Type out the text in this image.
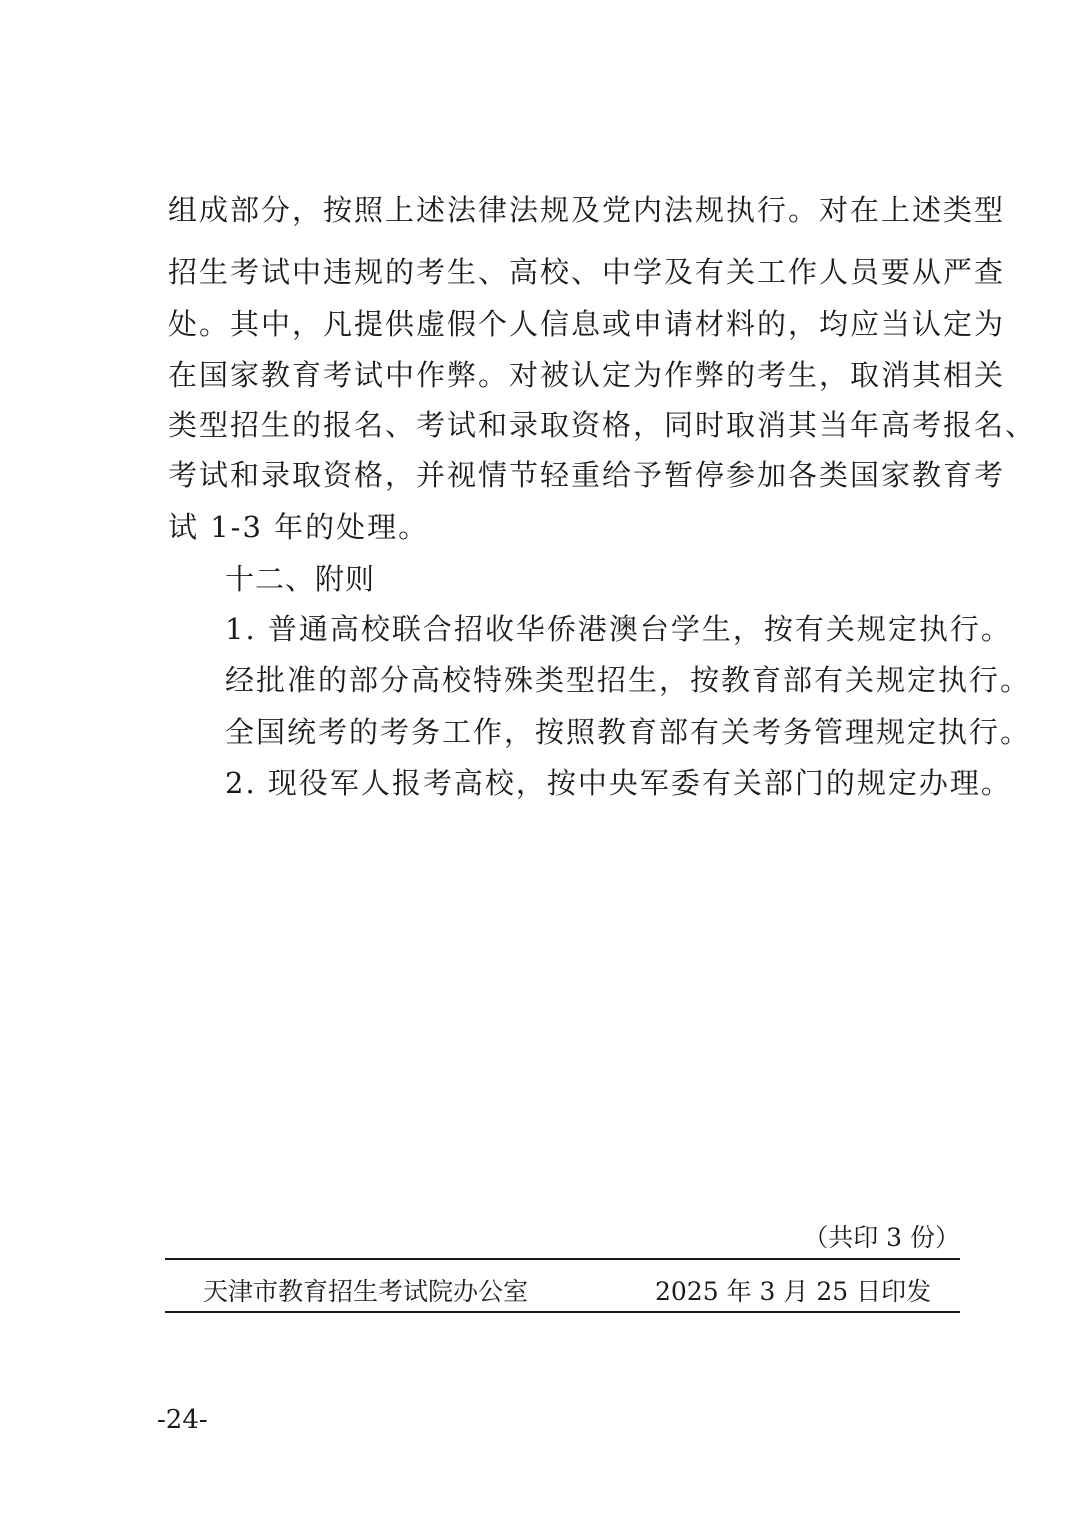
组成部分，按照上述法律法规及党内法规执行。对在上述类型
招生考试中违规的考生、高校、中学及有关工作人员要从严查
处。其中，凡提供虚假个人信息或申请材料的，均应当认定为
在国家教育考试中作弊。对被认定为作弊的考生，取消其相关
类型招生的报名、考试和录取资格，同时取消其当年高考报名、
考试和录取资格，并视情节轻重给予暂停参加各类国家教育考
试 1-3 年的处理。
十二、附则
1. 普通高校联合招收华侨港澳台学生，按有关规定执行。
经批准的部分高校特殊类型招生，按教育部有关规定执行。
全国统考的考务工作，按照教育部有关考务管理规定执行。
2. 现役军人报考高校，按中央军委有关部门的规定办理。
（共印 3 份）
天津市教育招生考试院办公室	2025 年 3 月 25 日印发
-24-
